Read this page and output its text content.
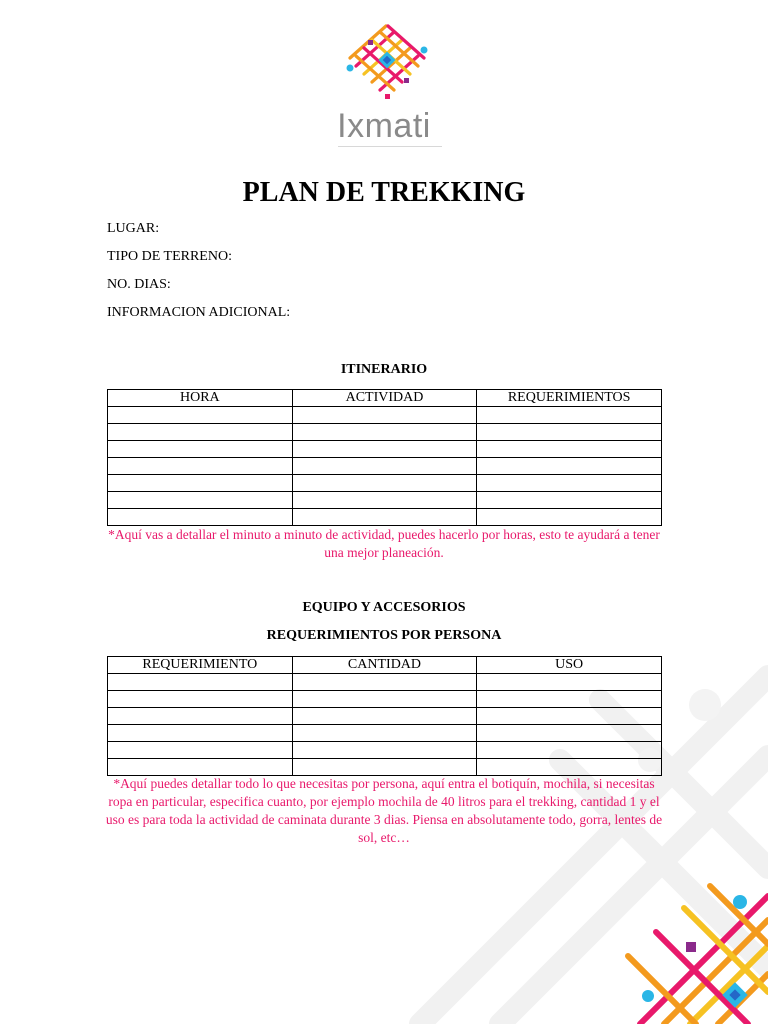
Ixmati
PLAN DE TREKKING
LUGAR:
TIPO DE TERRENO:
NO. DIAS:
INFORMACION ADICIONAL:
ITINERARIO
HORA	ACTIVIDAD	REQUERIMIENTOS

*Aquí vas a detallar el minuto a minuto de actividad, puedes hacerlo por horas, esto te ayudará a tener una mejor planeación.
EQUIPO Y ACCESORIOS
REQUERIMIENTOS POR PERSONA
REQUERIMIENTO	CANTIDAD	USO

*Aquí puedes detallar todo lo que necesitas por persona, aquí entra el botiquín, mochila, si necesitas ropa en particular, especifica cuanto, por ejemplo mochila de 40 litros para el trekking, cantidad 1 y el uso es para toda la actividad de caminata durante 3 dias. Piensa en absolutamente todo, gorra, lentes de sol, etc…
